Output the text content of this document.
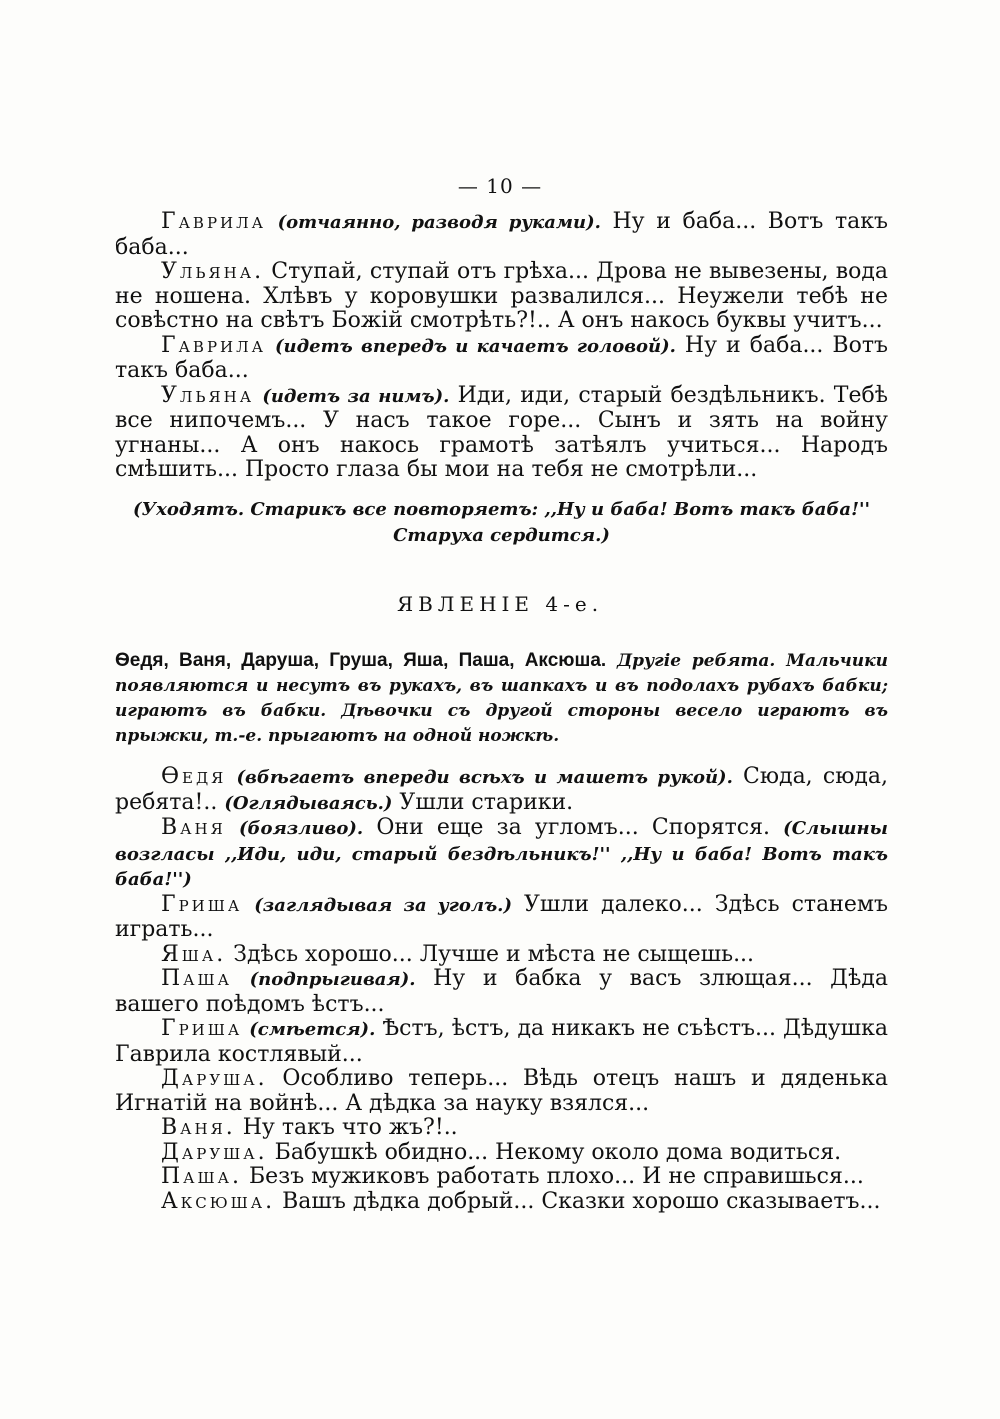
— 10 —

Гаврила (отчаянно, разводя руками). Ну и баба... Вотъ такъ баба...

Ульяна. Ступай, ступай отъ грѣха... Дрова не вывезены, вода не ношена. Хлѣвъ у коровушки развалился... Неужели тебѣ не совѣстно на свѣтъ Божій смотрѣть?!.. А онъ накось буквы учитъ...

Гаврила (идетъ впередъ и качаетъ головой). Ну и баба... Вотъ такъ баба...

Ульяна (идетъ за нимъ). Иди, иди, старый бездѣльникъ. Тебѣ все нипочемъ... У насъ такое горе... Сынъ и зять на войну угнаны... А онъ накось грамотѣ затѣялъ учиться... Народъ смѣшить... Просто глаза бы мои на тебя не смотрѣли...

(Уходятъ. Старикъ все повторяетъ: ,,Ну и баба! Вотъ такъ баба!'' Старуха сердится.)

ЯВЛЕНІЕ 4-е.

Ѳедя, Ваня, Даруша, Груша, Яша, Паша, Аксюша. Другіе ребята. Мальчики появляются и несутъ въ рукахъ, въ шапкахъ и въ подолахъ рубахъ бабки; играютъ въ бабки. Дѣвочки съ другой стороны весело играютъ въ прыжки, т.-е. прыгаютъ на одной ножкѣ.

Ѳедя (вбѣгаетъ впереди всѣхъ и машетъ рукой). Сюда, сюда, ребята!.. (Оглядываясь.) Ушли старики.

Ваня (боязливо). Они еще за угломъ... Спорятся. (Слышны возгласы ,,Иди, иди, старый бездѣльникъ!'' ,,Ну и баба! Вотъ такъ баба!'')

Гриша (заглядывая за уголъ.) Ушли далеко... Здѣсь станемъ играть...

Яша. Здѣсь хорошо... Лучше и мѣста не сыщешь...

Паша (подпрыгивая). Ну и бабка у васъ злющая... Дѣда вашего поѣдомъ ѣстъ...

Гриша (смѣется). Ѣстъ, ѣстъ, да никакъ не съѣстъ... Дѣдушка Гаврила костлявый...

Даруша. Особливо теперь... Вѣдь отецъ нашъ и дяденька Игнатій на войнѣ... А дѣдка за науку взялся...

Ваня. Ну такъ что жъ?!..

Даруша. Бабушкѣ обидно... Некому около дома водиться.

Паша. Безъ мужиковъ работать плохо... И не справишься...

Аксюша. Вашъ дѣдка добрый... Сказки хорошо сказываетъ...
